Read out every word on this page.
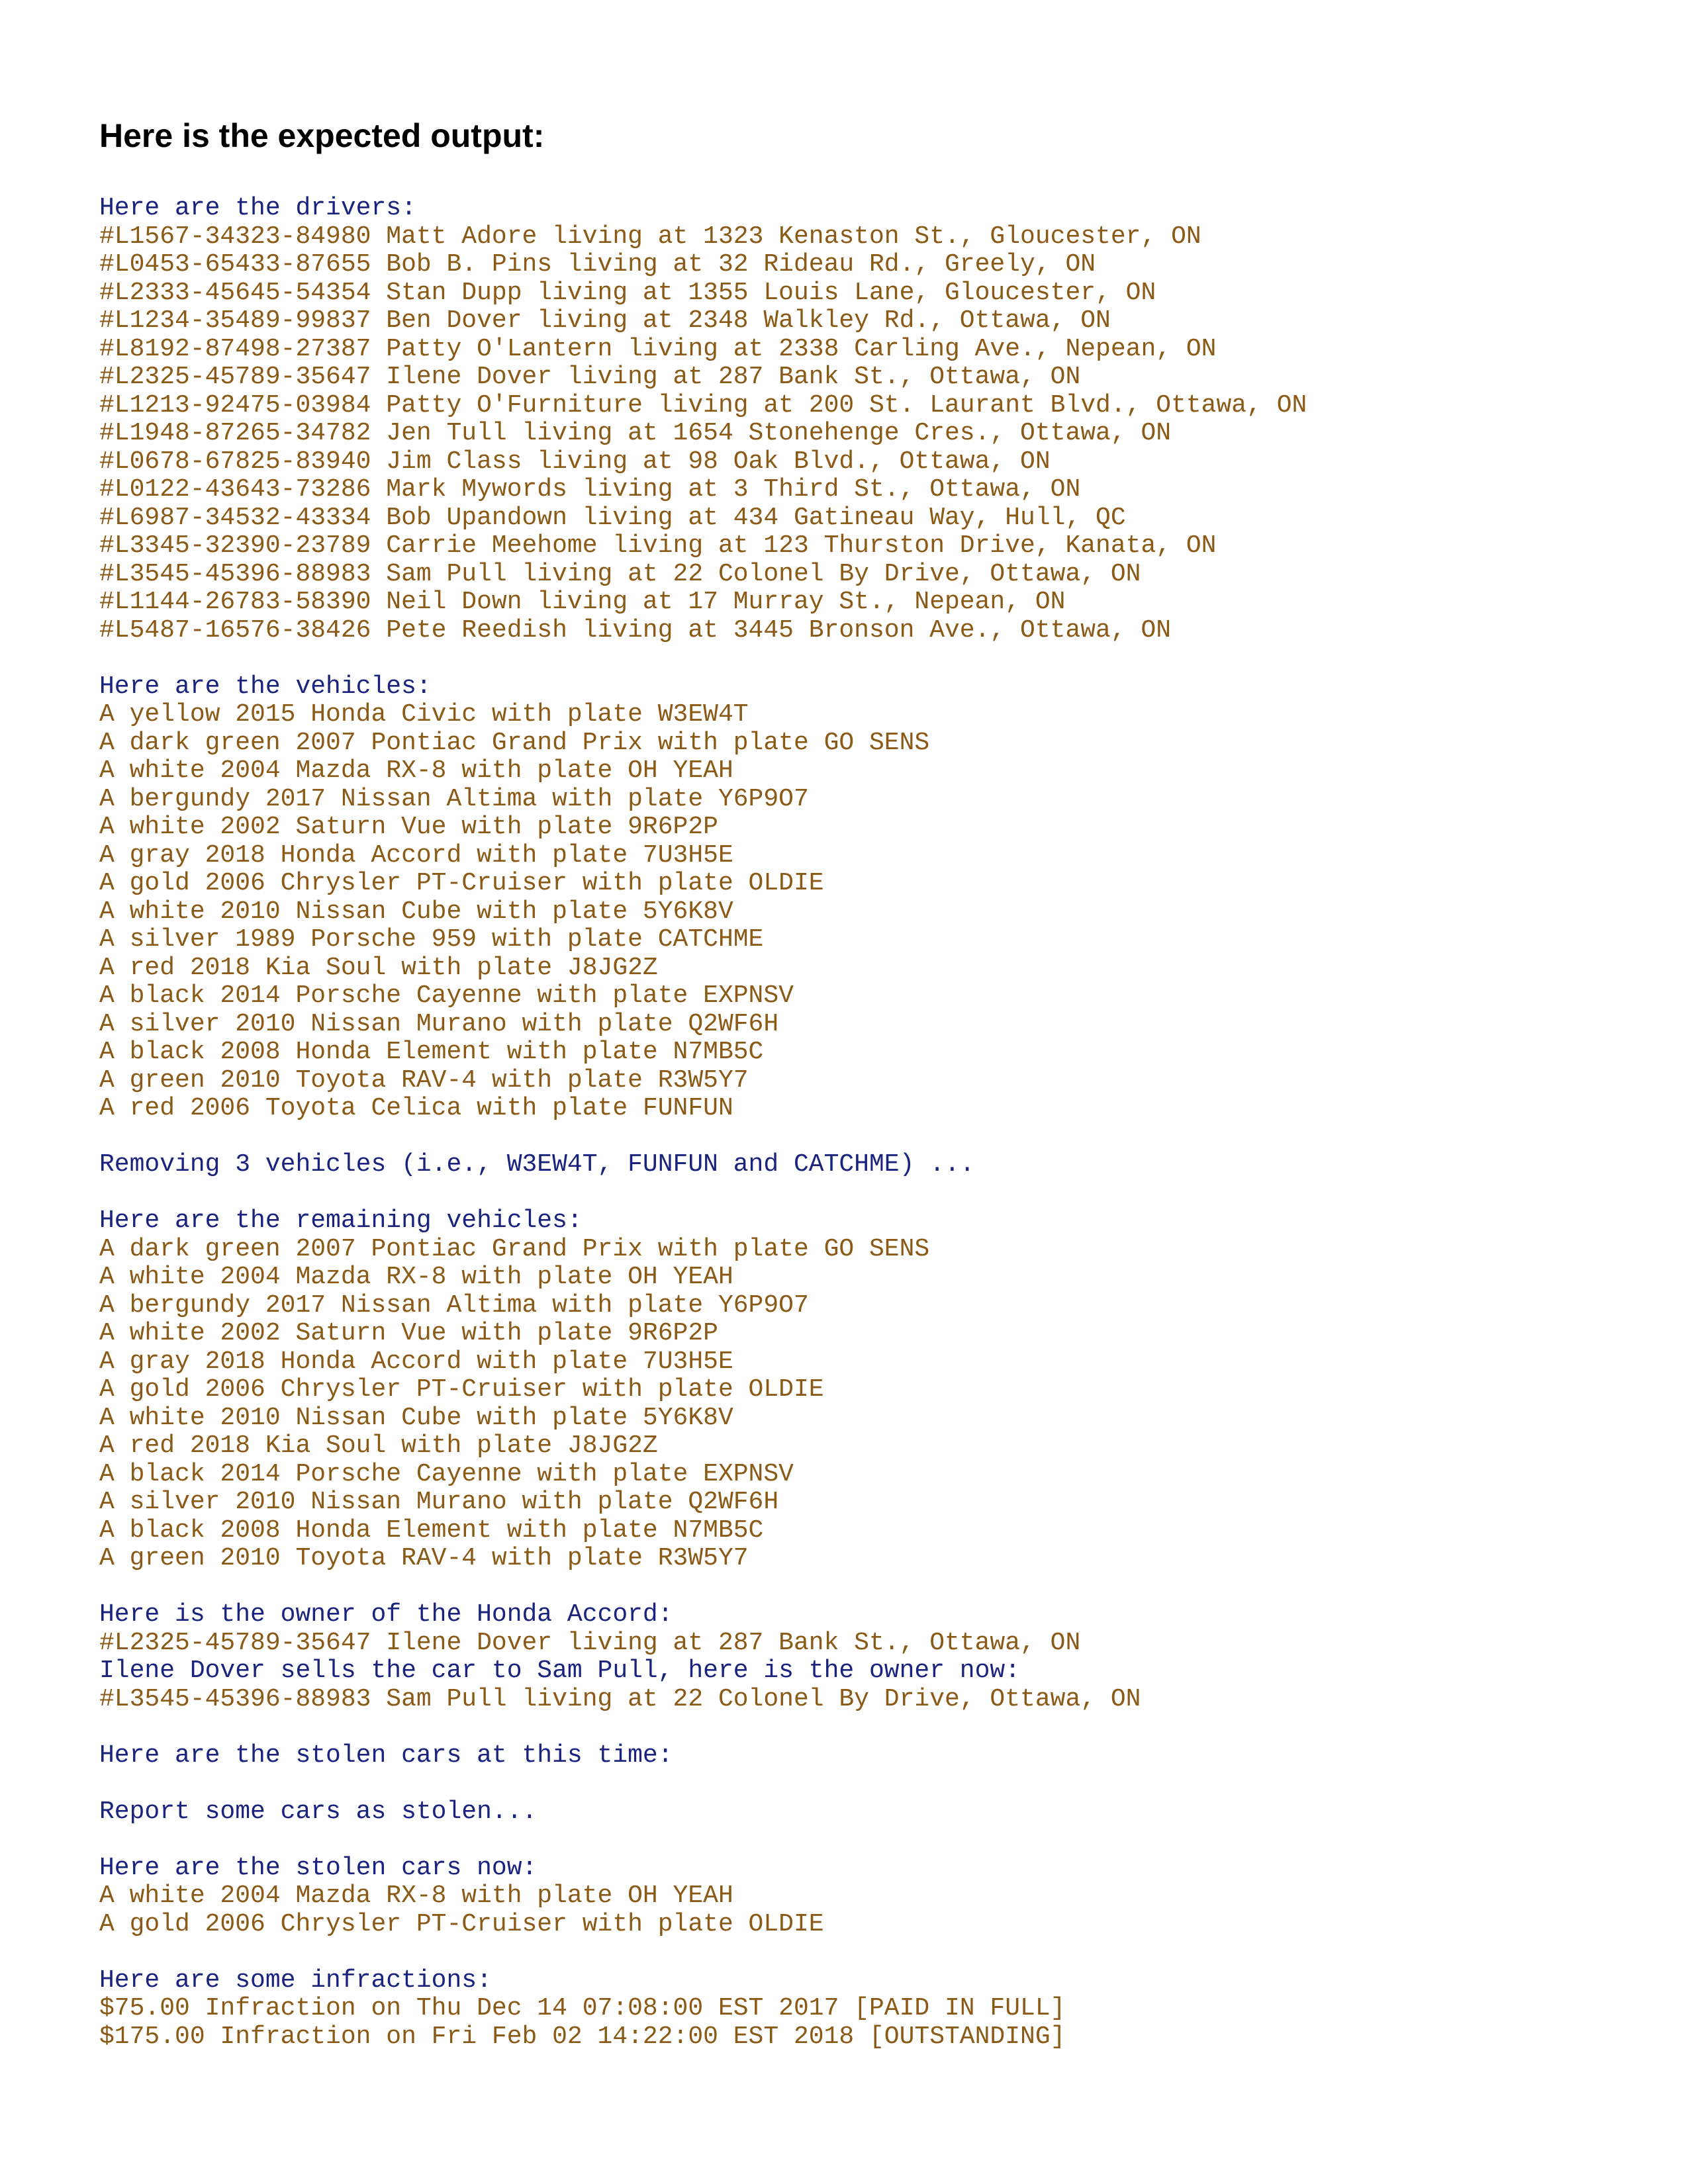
Here is the expected output:
Here are the drivers:
#L1567-34323-84980 Matt Adore living at 1323 Kenaston St., Gloucester, ON
#L0453-65433-87655 Bob B. Pins living at 32 Rideau Rd., Greely, ON
#L2333-45645-54354 Stan Dupp living at 1355 Louis Lane, Gloucester, ON
#L1234-35489-99837 Ben Dover living at 2348 Walkley Rd., Ottawa, ON
#L8192-87498-27387 Patty O'Lantern living at 2338 Carling Ave., Nepean, ON
#L2325-45789-35647 Ilene Dover living at 287 Bank St., Ottawa, ON
#L1213-92475-03984 Patty O'Furniture living at 200 St. Laurant Blvd., Ottawa, ON
#L1948-87265-34782 Jen Tull living at 1654 Stonehenge Cres., Ottawa, ON
#L0678-67825-83940 Jim Class living at 98 Oak Blvd., Ottawa, ON
#L0122-43643-73286 Mark Mywords living at 3 Third St., Ottawa, ON
#L6987-34532-43334 Bob Upandown living at 434 Gatineau Way, Hull, QC
#L3345-32390-23789 Carrie Meehome living at 123 Thurston Drive, Kanata, ON
#L3545-45396-88983 Sam Pull living at 22 Colonel By Drive, Ottawa, ON
#L1144-26783-58390 Neil Down living at 17 Murray St., Nepean, ON
#L5487-16576-38426 Pete Reedish living at 3445 Bronson Ave., Ottawa, ON
Here are the vehicles:
A yellow 2015 Honda Civic with plate W3EW4T
A dark green 2007 Pontiac Grand Prix with plate GO SENS
A white 2004 Mazda RX-8 with plate OH YEAH
A bergundy 2017 Nissan Altima with plate Y6P9O7
A white 2002 Saturn Vue with plate 9R6P2P
A gray 2018 Honda Accord with plate 7U3H5E
A gold 2006 Chrysler PT-Cruiser with plate OLDIE
A white 2010 Nissan Cube with plate 5Y6K8V
A silver 1989 Porsche 959 with plate CATCHME
A red 2018 Kia Soul with plate J8JG2Z
A black 2014 Porsche Cayenne with plate EXPNSV
A silver 2010 Nissan Murano with plate Q2WF6H
A black 2008 Honda Element with plate N7MB5C
A green 2010 Toyota RAV-4 with plate R3W5Y7
A red 2006 Toyota Celica with plate FUNFUN
Removing 3 vehicles (i.e., W3EW4T, FUNFUN and CATCHME) ...
Here are the remaining vehicles:
A dark green 2007 Pontiac Grand Prix with plate GO SENS
A white 2004 Mazda RX-8 with plate OH YEAH
A bergundy 2017 Nissan Altima with plate Y6P9O7
A white 2002 Saturn Vue with plate 9R6P2P
A gray 2018 Honda Accord with plate 7U3H5E
A gold 2006 Chrysler PT-Cruiser with plate OLDIE
A white 2010 Nissan Cube with plate 5Y6K8V
A red 2018 Kia Soul with plate J8JG2Z
A black 2014 Porsche Cayenne with plate EXPNSV
A silver 2010 Nissan Murano with plate Q2WF6H
A black 2008 Honda Element with plate N7MB5C
A green 2010 Toyota RAV-4 with plate R3W5Y7
Here is the owner of the Honda Accord:
#L2325-45789-35647 Ilene Dover living at 287 Bank St., Ottawa, ON
Ilene Dover sells the car to Sam Pull, here is the owner now:
#L3545-45396-88983 Sam Pull living at 22 Colonel By Drive, Ottawa, ON
Here are the stolen cars at this time:
Report some cars as stolen...
Here are the stolen cars now:
A white 2004 Mazda RX-8 with plate OH YEAH
A gold 2006 Chrysler PT-Cruiser with plate OLDIE
Here are some infractions:
$75.00 Infraction on Thu Dec 14 07:08:00 EST 2017 [PAID IN FULL]
$175.00 Infraction on Fri Feb 02 14:22:00 EST 2018 [OUTSTANDING]
